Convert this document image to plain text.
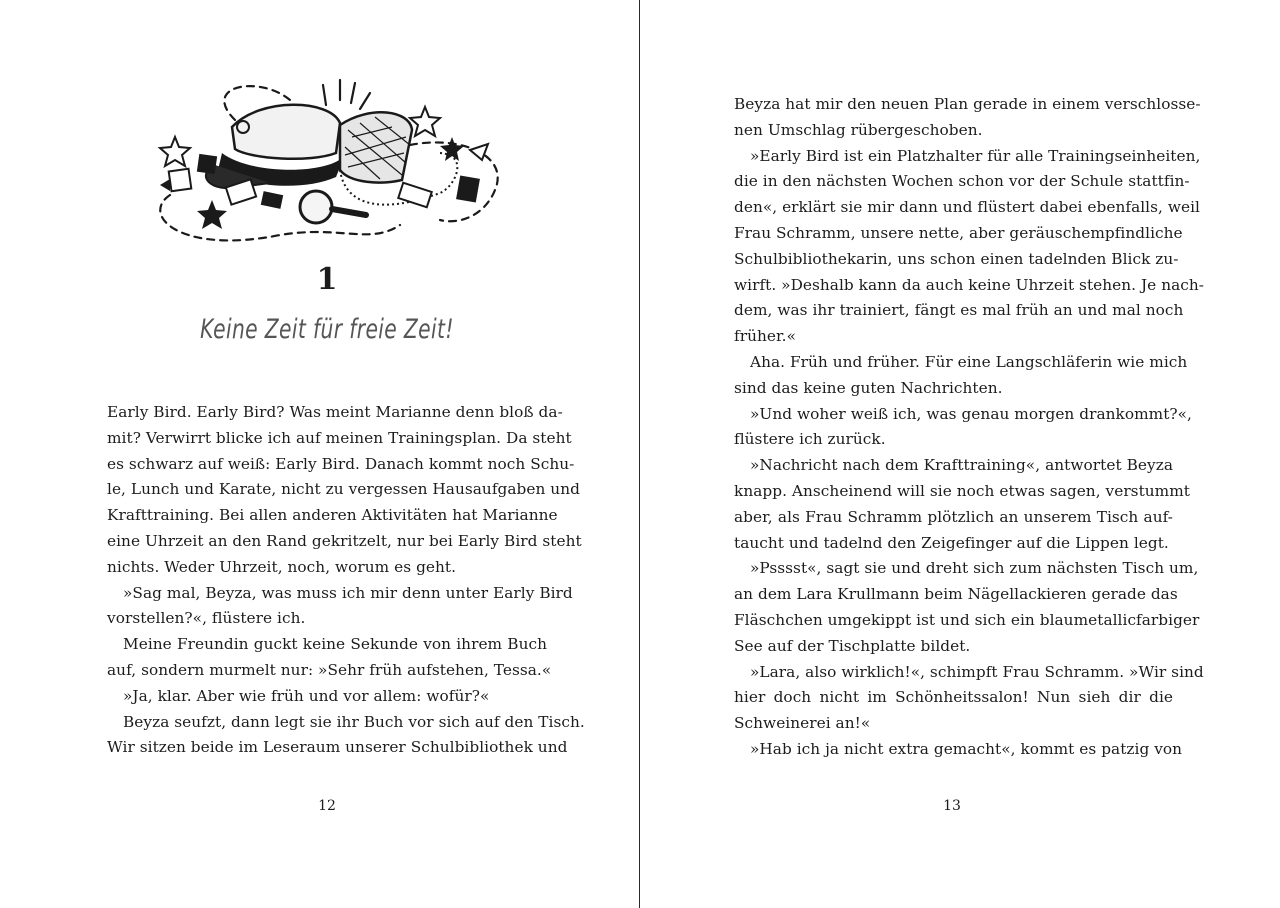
1
Keine Zeit für freie Zeit!
Early Bird. Early Bird? Was meint Marianne denn bloß da-
mit? Verwirrt blicke ich auf meinen Trainingsplan. Da steht
es schwarz auf weiß: Early Bird. Danach kommt noch Schu-
le, Lunch und Karate, nicht zu vergessen Hausaufgaben und
Krafttraining. Bei allen anderen Aktivitäten hat Marianne
eine Uhrzeit an den Rand gekritzelt, nur bei Early Bird steht
nichts. Weder Uhrzeit, noch, worum es geht.
»Sag mal, Beyza, was muss ich mir denn unter Early Bird
vorstellen?«, flüstere ich.
Meine Freundin guckt keine Sekunde von ihrem Buch
auf, sondern murmelt nur: »Sehr früh aufstehen, Tessa.«
»Ja, klar. Aber wie früh und vor allem: wofür?«
Beyza seufzt, dann legt sie ihr Buch vor sich auf den Tisch.
Wir sitzen beide im Leseraum unserer Schulbibliothek und
12
Beyza hat mir den neuen Plan gerade in einem verschlosse-
nen Umschlag rübergeschoben.
»Early Bird ist ein Platzhalter für alle Trainingseinheiten,
die in den nächsten Wochen schon vor der Schule stattfin-
den«, erklärt sie mir dann und flüstert dabei ebenfalls, weil
Frau Schramm, unsere nette, aber geräuschempfindliche
Schulbibliothekarin, uns schon einen tadelnden Blick zu-
wirft. »Deshalb kann da auch keine Uhrzeit stehen. Je nach-
dem, was ihr trainiert, fängt es mal früh an und mal noch
früher.«
Aha. Früh und früher. Für eine Langschläferin wie mich
sind das keine guten Nachrichten.
»Und woher weiß ich, was genau morgen drankommt?«,
flüstere ich zurück.
»Nachricht nach dem Krafttraining«, antwortet Beyza
knapp. Anscheinend will sie noch etwas sagen, verstummt
aber, als Frau Schramm plötzlich an unserem Tisch auf-
taucht und tadelnd den Zeigefinger auf die Lippen legt.
»Psssst«, sagt sie und dreht sich zum nächsten Tisch um,
an dem Lara Krullmann beim Nägellackieren gerade das
Fläschchen umgekippt ist und sich ein blaumetallicfarbiger
See auf der Tischplatte bildet.
»Lara, also wirklich!«, schimpft Frau Schramm. »Wir sind
hier doch nicht im Schönheitssalon! Nun sieh dir die
Schweinerei an!«
»Hab ich ja nicht extra gemacht«, kommt es patzig von
13
